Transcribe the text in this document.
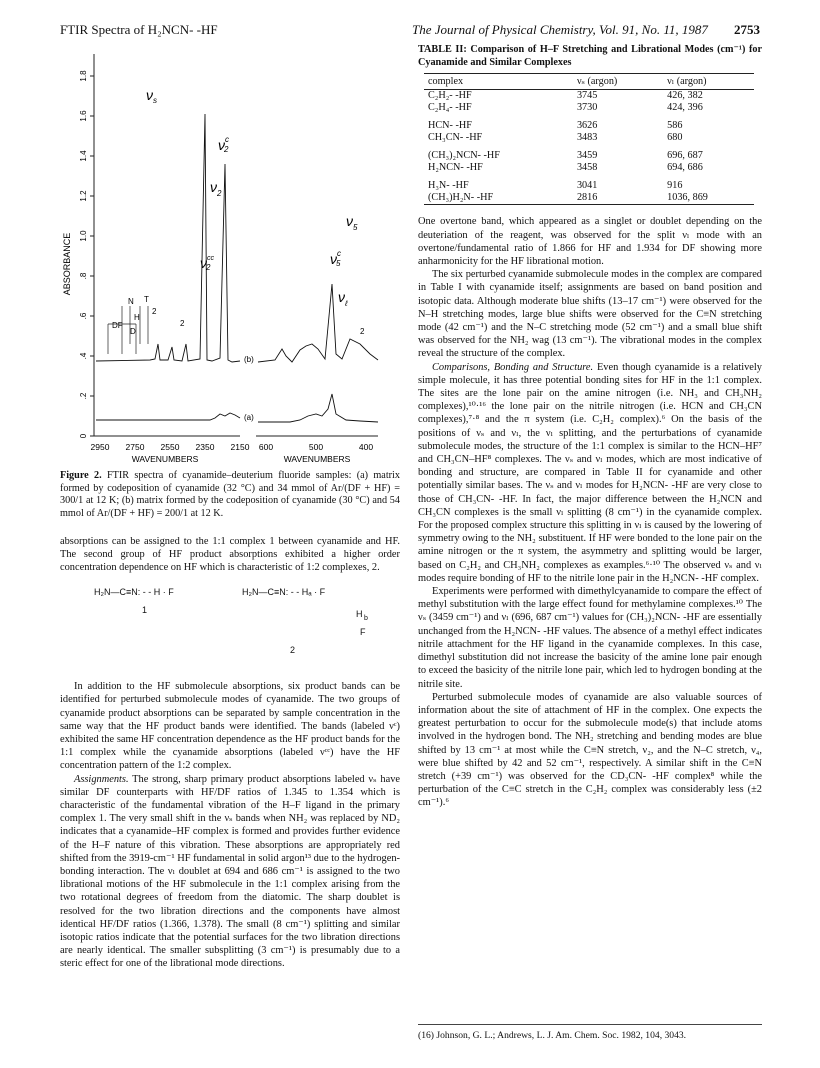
FTIR Spectra of H₂NCN- -HF	The Journal of Physical Chemistry, Vol. 91, No. 11, 1987 2753
0
.2
.4
.6
.8
1.0
1.2
1.4
1.6
1.8
ABSORBANCE
2950 2750 2550 2350 2150 600	500	400
WAVENUMBERS	WAVENUMBERS
$\nu_s$
$\nu^c$ 2
$\nu_2$
$\nu_5$
$\nu^{cc}$ 2
$\nu^c$ 5
$\nu_\ell$
N T
H
DF
D
2
2
2
(b)
(a)
Figure 2. FTIR spectra of cyanamide–deuterium fluoride samples: (a) matrix formed by codeposition of cyanamide (32 °C) and 34 mmol of Ar/(DF + HF) = 300/1 at 12 K; (b) matrix formed by the codeposition of cyanamide (30 °C) and 54 mmol of Ar/(DF + HF) = 200/1 at 12 K.

absorptions can be assigned to the 1:1 complex 1 between cyanamide and HF. The second group of HF product absorptions exhibited a higher order concentration dependence on HF which is characteristic of 1:2 complexes, 2.

H₂N—C≡N: - - H · F
1
H₂N—C≡N: - - Hₐ · F
H b
F
2

In addition to the HF submolecule absorptions, six product bands can be identified for perturbed submolecule modes of cyanamide. The two groups of cyanamide product absorptions can be separated by sample concentration in the same way that the HF product bands were identified. The bands (labeled νᶜ) exhibited the same HF concentration dependence as the HF product bands for the 1:1 complex while the cyanamide absorptions (labeled νᶜᶜ) have the HF concentration pattern of the 1:2 complex.

Assignments. The strong, sharp primary product absorptions labeled νₛ have similar DF counterparts with HF/DF ratios of 1.345 to 1.354 which is characteristic of the fundamental vibration of the H–F ligand in the primary complex 1. The very small shift in the νₛ bands when NH₂ was replaced by ND₂ indicates that a cyanamide–HF complex is formed and provides further evidence of the H–F nature of this vibration. These absorptions are appropriately red shifted from the 3919-cm⁻¹ HF fundamental in solid argon¹³ due to the hydrogen-bonding interaction. The νₗ doublet at 694 and 686 cm⁻¹ is assigned to the two librational motions of the HF submolecule in the 1:1 complex arising from the two rotational degrees of freedom from the diatomic. The sharp doublet is resolved for the two libration directions and the components have almost identical HF/DF ratios (1.366, 1.378). The small (8 cm⁻¹) splitting and similar isotopic ratios indicate that the potential surfaces for the two libration directions are nearly identical. The smaller subsplitting (3 cm⁻¹) is presumably due to a steric effect for one of the librational mode directions.

TABLE II: Comparison of H–F Stretching and Librational Modes (cm⁻¹) for Cyanamide and Similar Complexes
complex	νₛ (argon)	νₗ (argon)
C₂H₂- -HF	3745	426, 382
C₂H₄- -HF	3730	424, 396
HCN- -HF	3626	586
CH₃CN- -HF	3483	680
(CH₃)₂NCN- -HF	3459	696, 687
H₂NCN- -HF	3458	694, 686
H₃N- -HF	3041	916
(CH₃)H₂N- -HF	2816	1036, 869

One overtone band, which appeared as a singlet or doublet depending on the deuteriation of the reagent, was observed for the split νₗ mode with an overtone/fundamental ratio of 1.866 for HF and 1.934 for DF showing more anharmonicity for the HF librational motion.

The six perturbed cyanamide submolecule modes in the complex are compared in Table I with cyanamide itself; assignments are based on band position and isotopic data. Although moderate blue shifts (13–17 cm⁻¹) were observed for the N–H stretching modes, large blue shifts were observed for the C≡N stretching mode (42 cm⁻¹) and the N–C stretching mode (52 cm⁻¹) and a small blue shift was observed for the NH₂ wag (13 cm⁻¹). The vibrational modes in the complex reveal the structure of the complex.

Comparisons, Bonding and Structure. Even though cyanamide is a relatively simple molecule, it has three potential bonding sites for HF in the 1:1 complex. The sites are the lone pair on the amine nitrogen (i.e. NH₃ and CH₃NH₂ complexes),¹⁰·¹⁶ the lone pair on the nitrile nitrogen (i.e. HCN and CH₃CN complexes),⁷·⁸ and the π system (i.e. C₂H₂ complex).⁶ On the basis of the positions of νₛ and νₗ, the νₗ splitting, and the perturbations of cyanamide submolecule modes, the structure of the 1:1 complex is similar to the HCN–HF⁷ and CH₃CN–HF⁸ complexes. The νₛ and νₗ modes, which are most indicative of bonding and structure, are compared in Table II for cyanamide and other potentially similar bases. The νₛ and νₗ modes for H₂NCN- -HF are very close to those of CH₃CN- -HF. In fact, the major difference between the H₂NCN and CH₃CN complexes is the small νₗ splitting (8 cm⁻¹) in the cyanamide complex. For the proposed complex structure this splitting in νₗ is caused by the lowering of symmetry owing to the NH₂ substituent. If HF were bonded to the lone pair on the amine nitrogen or the π system, the asymmetry and splitting would be larger, based on C₂H₂ and CH₃NH₂ complexes as examples.⁶·¹⁰ The observed νₛ and νₗ modes require bonding of HF to the nitrile lone pair in the H₂NCN- -HF complex.

Experiments were performed with dimethylcyanamide to compare the effect of methyl substitution with the large effect found for methylamine complexes.¹⁰ The νₛ (3459 cm⁻¹) and νₗ (696, 687 cm⁻¹) values for (CH₃)₂NCN- -HF are essentially unchanged from the H₂NCN- -HF values. The absence of a methyl effect indicates nitrile attachment for the HF ligand in the cyanamide complexes. In this case, dimethyl substitution did not increase the basicity of the amine lone pair enough to exceed the basicity of the nitrile lone pair, which led to hydrogen bonding at the nitrile site.

Perturbed submolecule modes of cyanamide are also valuable sources of information about the site of attachment of HF in the complex. One expects the greatest perturbation to occur for the submolecule mode(s) that include atoms involved in the hydrogen bond. The NH₂ stretching and bending modes are blue shifted by 13 cm⁻¹ at most while the C≡N stretch, ν₂, and the N–C stretch, ν₄, were blue shifted by 42 and 52 cm⁻¹, respectively. A similar shift in the C≡N stretch (+39 cm⁻¹) was observed for the CD₃CN- -HF complex⁸ while the perturbation of the C≡C stretch in the C₂H₂ complex was considerably less (±2 cm⁻¹).⁶

(16) Johnson, G. L.; Andrews, L. J. Am. Chem. Soc. 1982, 104, 3043.
